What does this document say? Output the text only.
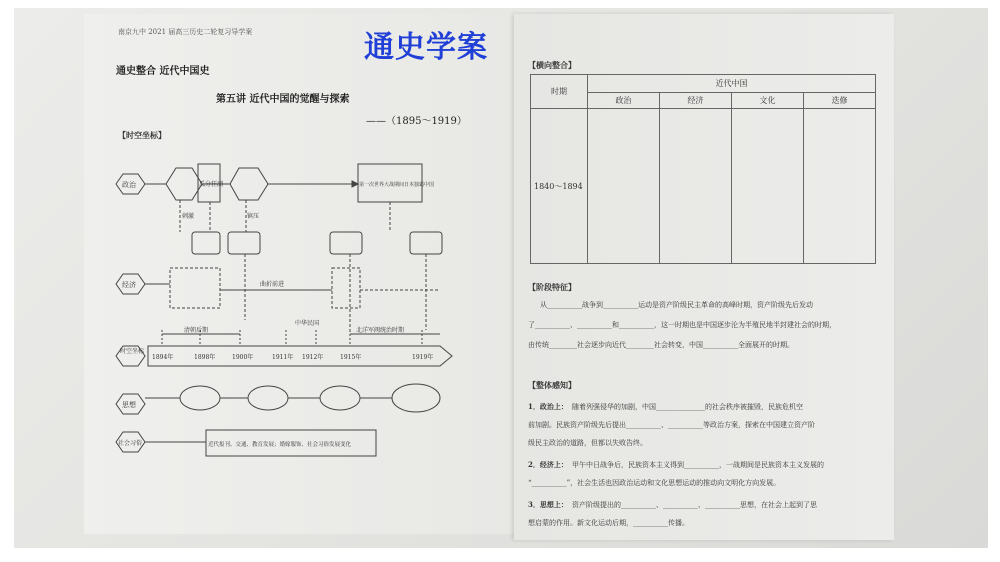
南京九中 2021 届高三历史二轮复习导学案	通史学案
通史整合 近代中国史
第五讲 近代中国的觉醒与探索
——（1895～1919）
【时空坐标】
政治
经济
时空坐标
思想
社会习俗
瓜分狂潮	第一次世界大战期间日本独霸中国
刺激	镇压
曲折前进
清朝后期
中华民国
北洋军阀统治时期
1894年	1898年	1900年	1911年 1912年	1915年	1919年
近代报刊、交通、教育发展；婚嫁服饰、社会习俗发展变化
【横向整合】
时期	近代中国			
	政治	经济	文化	迭修
1840～1894				
【阶段特征】
从__________战争到__________运动是资产阶级民主革命的高峰时期，资产阶级先后发动
了__________、__________和__________，这一时期也是中国逐步沦为半殖民地半封建社会的时期，
由传统________社会逐步向近代________社会转变，中国__________全面展开的时期。
【整体感知】
1．政治上： 随着列强侵华的加剧，中国______________的社会秩序被摧毁，民族危机空
前加剧。民族资产阶级先后提出__________、__________等政治方案，探索在中国建立资产阶
级民主政治的道路，但都以失败告终。
2．经济上： 甲午中日战争后，民族资本主义得到__________，一战期间是民族资本主义发展的
“__________”，社会生活也因政治运动和文化思想运动的推动向文明化方向发展。
3．思想上： 资产阶级提出的__________、__________、__________思想，在社会上起到了思
想启蒙的作用。新文化运动后期，__________传播。
